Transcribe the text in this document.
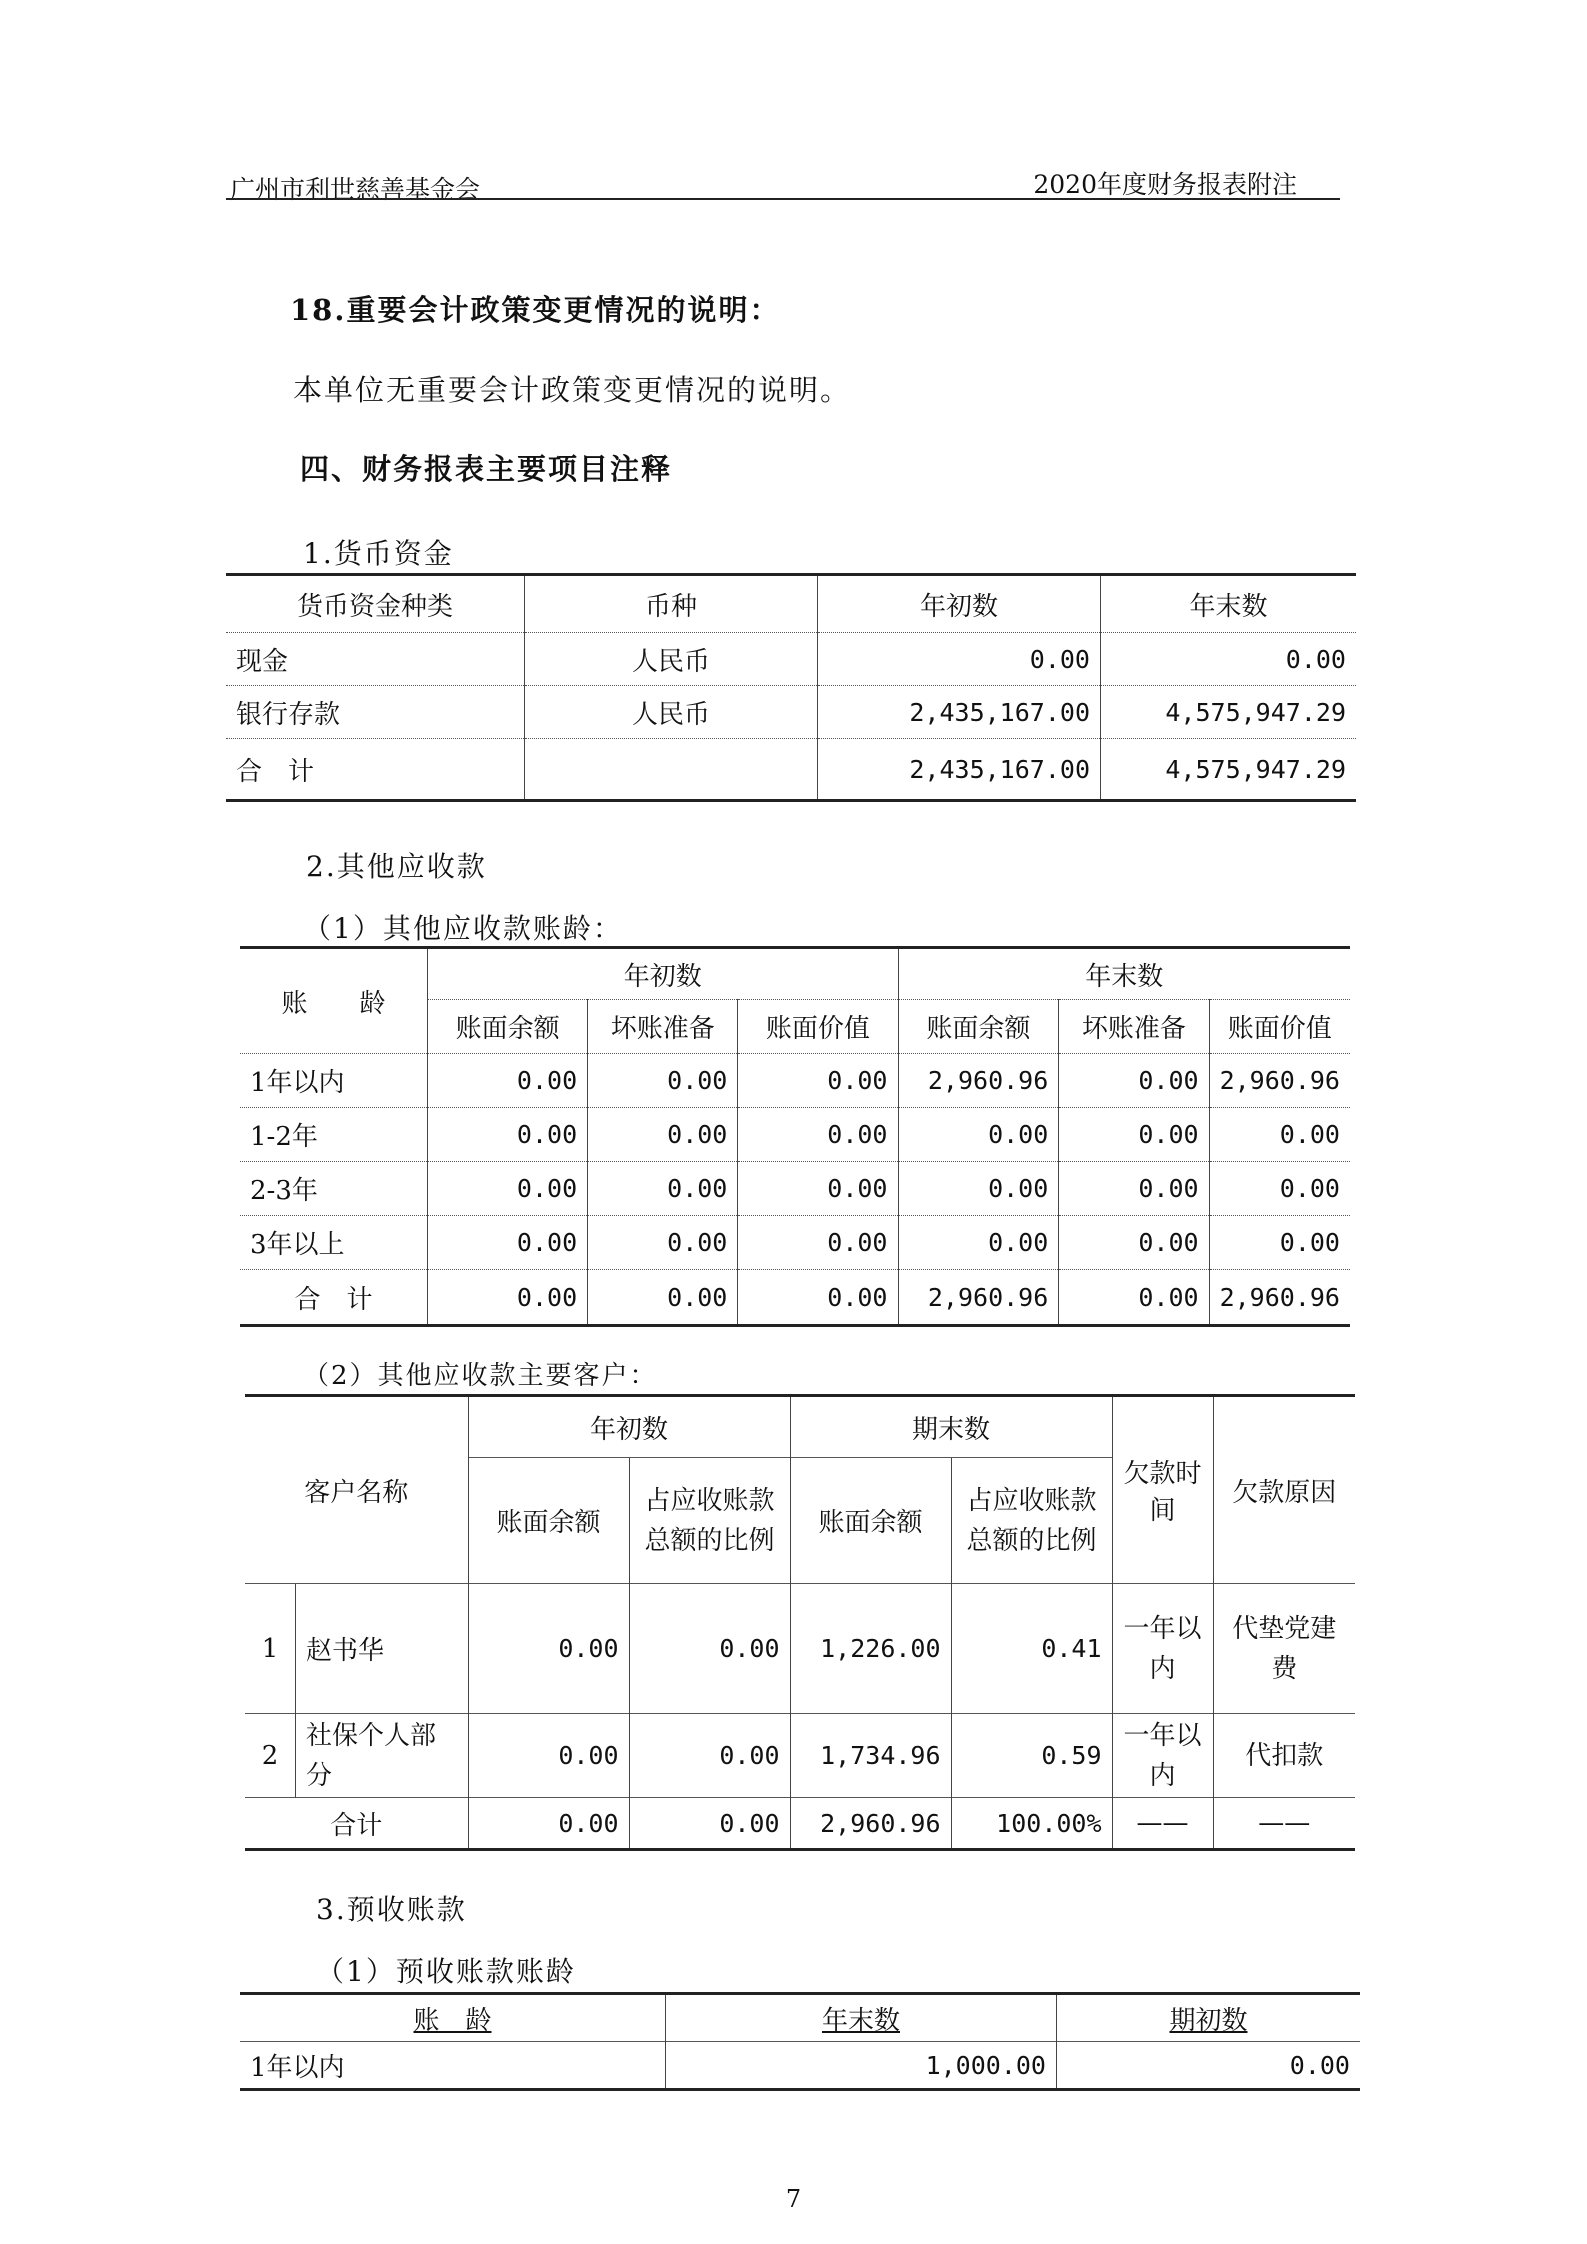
广州市利世慈善基金会	2020年度财务报表附注
18.重要会计政策变更情况的说明：
本单位无重要会计政策变更情况的说明。
四、财务报表主要项目注释
1.货币资金
货币资金种类	币种	年初数	年末数
现金	人民币	0.00	0.00
银行存款	人民币	2,435,167.00	4,575,947.29
合　计		2,435,167.00	4,575,947.29
2.其他应收款
（1）其他应收款账龄：
账　　龄	年初数			年末数		
	账面余额	坏账准备	账面价值	账面余额	坏账准备	账面价值
1年以内	0.00	0.00	0.00	2,960.96	0.00	2,960.96
1-2年	0.00	0.00	0.00	0.00	0.00	0.00
2-3年	0.00	0.00	0.00	0.00	0.00	0.00
3年以上	0.00	0.00	0.00	0.00	0.00	0.00
合　计	0.00	0.00	0.00	2,960.96	0.00	2,960.96
（2）其他应收款主要客户：
客户名称		年初数		期末数		欠款时间	欠款原因
		账面余额	占应收账款总额的比例	账面余额	占应收账款总额的比例		
1	赵书华	0.00	0.00	1,226.00	0.41	一年以内	代垫党建费
2	社保个人部分	0.00	0.00	1,734.96	0.59	一年以内	代扣款
合计		0.00	0.00	2,960.96	100.00%	——	——
3.预收账款
（1）预收账款账龄
账　龄	年末数	期初数
1年以内	1,000.00	0.00
7
